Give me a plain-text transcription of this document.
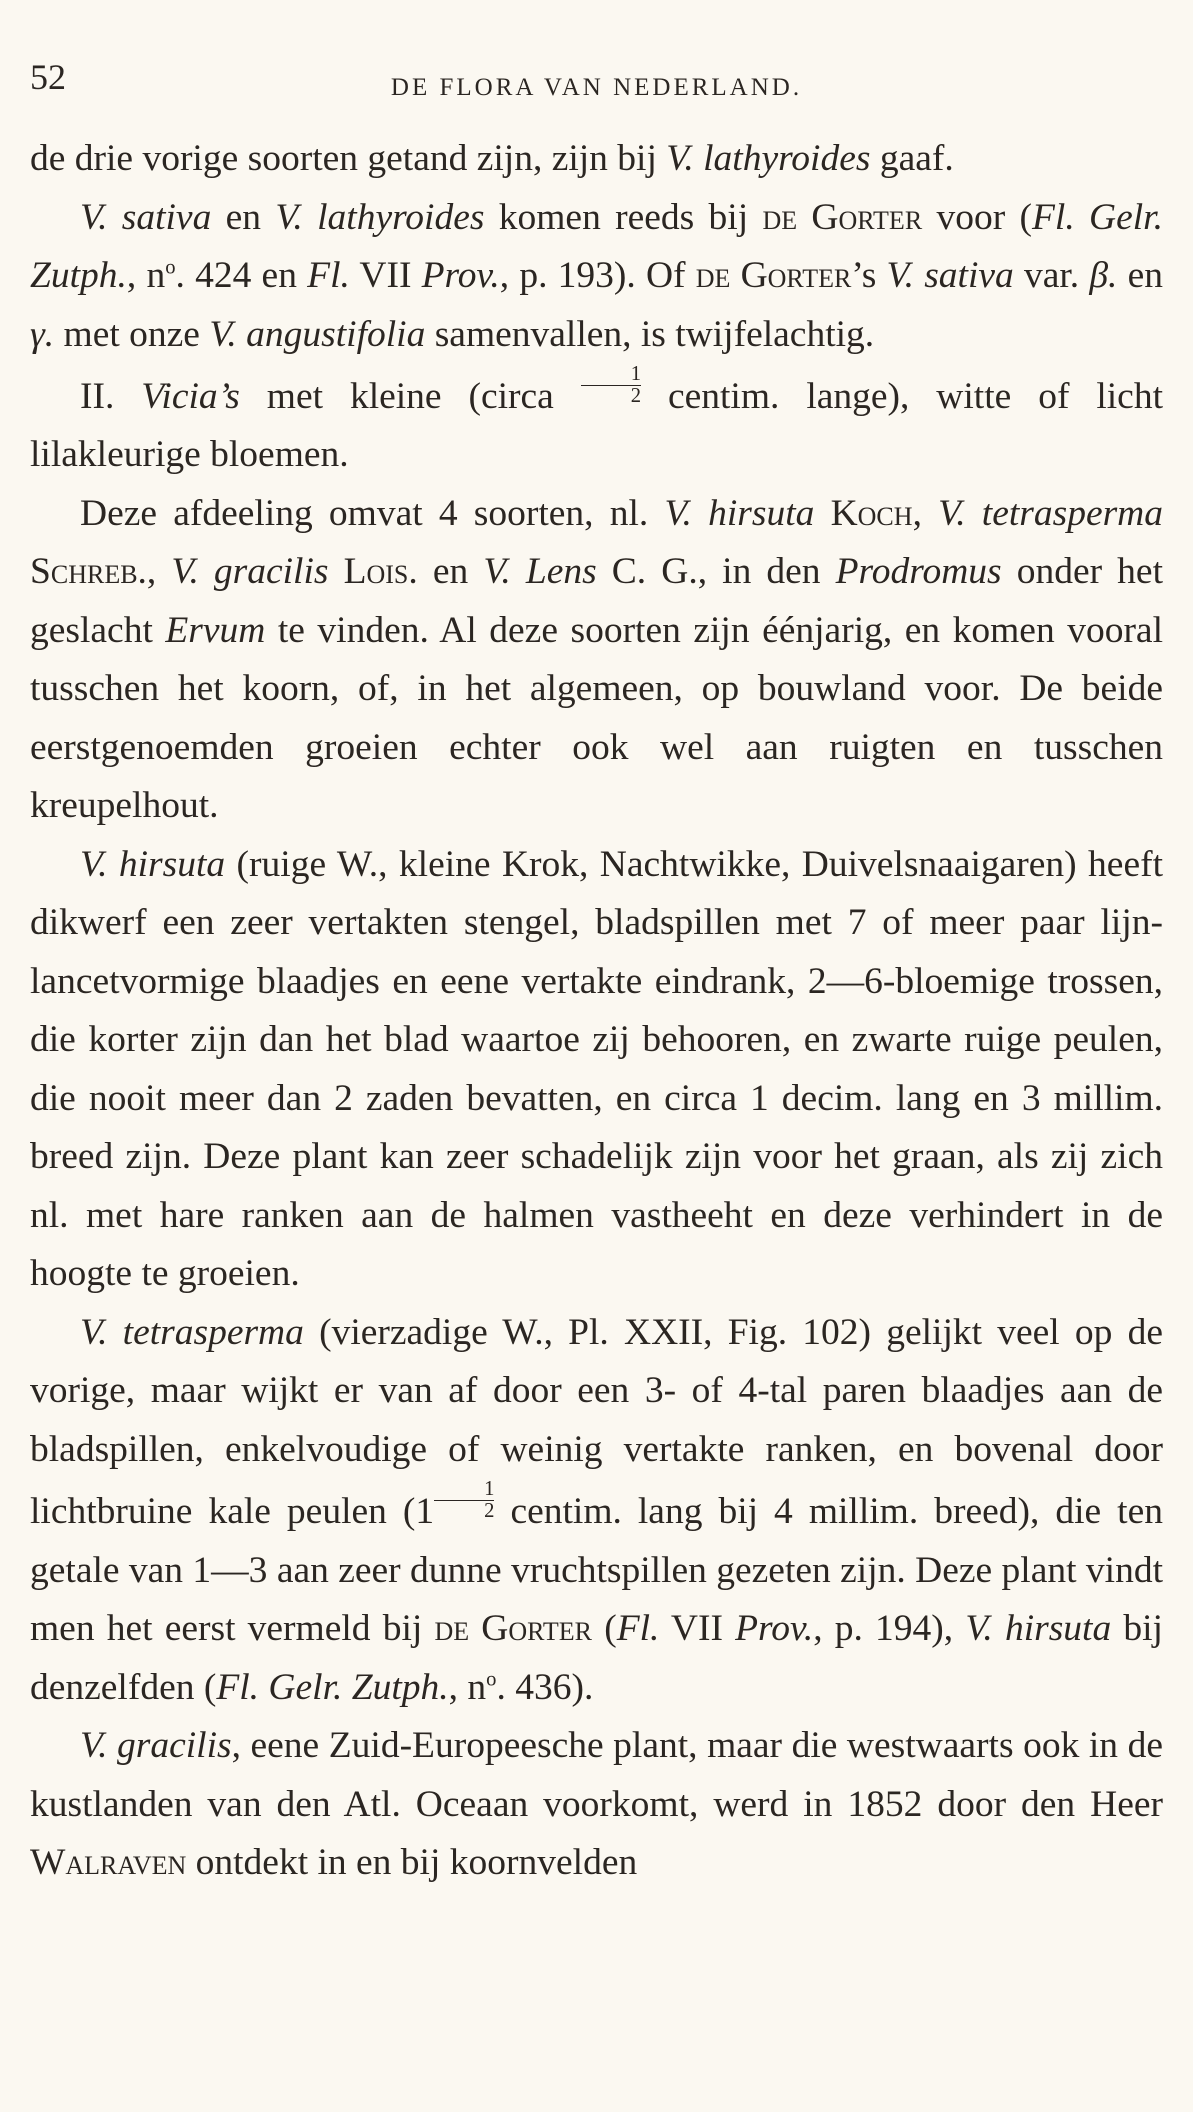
52	DE FLORA VAN NEDERLAND.

de drie vorige soorten getand zijn, zijn bij V. lathyroides gaaf.

V. sativa en V. lathyroides komen reeds bij de Gorter voor (Fl. Gelr. Zutph., $n^o$. 424 en Fl. VII Prov., p. 193). Of de Gorter’s V. sativa var. β. en γ. met onze V. angustifolia samenvallen, is twijfelachtig.

II. Vicia’s met kleine (circa $\frac{1}{2}$ centim. lange), witte of licht lilakleurige bloemen.

Deze afdeeling omvat 4 soorten, nl. V. hirsuta Koch, V. tetrasperma Schreb., V. gracilis Lois. en V. Lens C. G., in den Prodromus onder het geslacht Ervum te vinden. Al deze soorten zijn éénjarig, en komen vooral tusschen het koorn, of, in het algemeen, op bouwland voor. De beide eerstgenoemden groeien echter ook wel aan ruigten en tusschen kreupelhout.

V. hirsuta (ruige W., kleine Krok, Nachtwikke, Duivelsnaaigaren) heeft dikwerf een zeer vertakten stengel, bladspillen met 7 of meer paar lijn-lancetvormige blaadjes en eene vertakte eindrank, 2—6-bloemige trossen, die korter zijn dan het blad waartoe zij behooren, en zwarte ruige peulen, die nooit meer dan 2 zaden bevatten, en circa 1 decim. lang en 3 millim. breed zijn. Deze plant kan zeer schadelijk zijn voor het graan, als zij zich nl. met hare ranken aan de halmen vastheeht en deze verhindert in de hoogte te groeien.

V. tetrasperma (vierzadige W., Pl. XXII, Fig. 102) gelijkt veel op de vorige, maar wijkt er van af door een 3- of 4-tal paren blaadjes aan de bladspillen, enkelvoudige of weinig vertakte ranken, en bovenal door lichtbruine kale peulen ($1 \frac{1}{2}$ centim. lang bij 4 millim. breed), die ten getale van 1—3 aan zeer dunne vruchtspillen gezeten zijn. Deze plant vindt men het eerst vermeld bij de Gorter (Fl. VII Prov., p. 194), V. hirsuta bij denzelfden (Fl. Gelr. Zutph., $n^o$. 436).

V. gracilis, eene Zuid-Europeesche plant, maar die westwaarts ook in de kustlanden van den Atl. Oceaan voorkomt, werd in 1852 door den Heer Walraven ontdekt in en bij koornvelden
